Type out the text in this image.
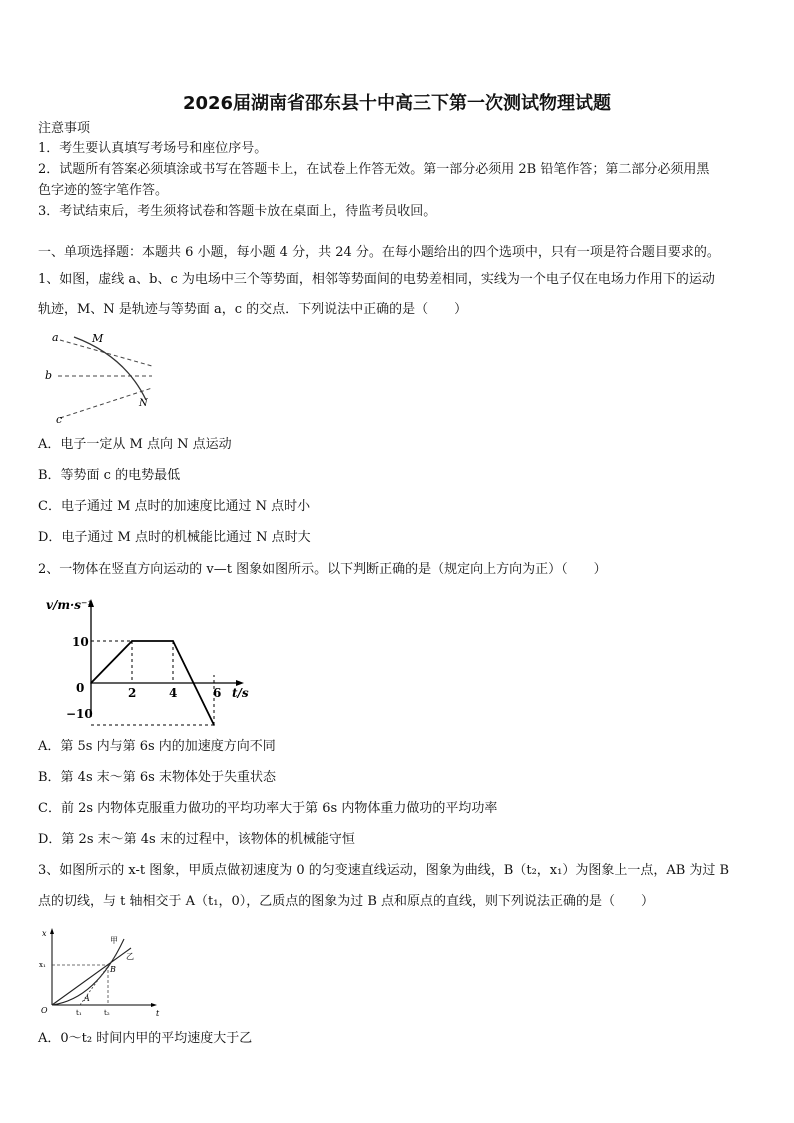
2026届湖南省邵东县十中高三下第一次测试物理试题
注意事项
1．考生要认真填写考场号和座位序号。
2．试题所有答案必须填涂或书写在答题卡上，在试卷上作答无效。第一部分必须用 2B 铅笔作答；第二部分必须用黑
色字迹的签字笔作答。
3．考试结束后，考生须将试卷和答题卡放在桌面上，待监考员收回。
一、单项选择题：本题共 6 小题，每小题 4 分，共 24 分。在每小题给出的四个选项中，只有一项是符合题目要求的。
1、如图，虚线 a、b、c 为电场中三个等势面，相邻等势面间的电势差相同，实线为一个电子仅在电场力作用下的运动
轨迹，M、N 是轨迹与等势面 a，c 的交点．下列说法中正确的是（　　）
a
b
c
M
N
A．电子一定从 M 点向 N 点运动
B．等势面 c 的电势最低
C．电子通过 M 点时的加速度比通过 N 点时小
D．电子通过 M 点时的机械能比通过 N 点时大
2、一物体在竖直方向运动的 v—t 图象如图所示。以下判断正确的是（规定向上方向为正）（　　）
v/m·s⁻¹
t/s
0
10
−10
2	4	6
A．第 5s 内与第 6s 内的加速度方向不同
B．第 4s 末～第 6s 末物体处于失重状态
C．前 2s 内物体克服重力做功的平均功率大于第 6s 内物体重力做功的平均功率
D．第 2s 末～第 4s 末的过程中，该物体的机械能守恒
3、如图所示的 x-t 图象，甲质点做初速度为 0 的匀变速直线运动，图象为曲线，B（t₂，x₁）为图象上一点，AB 为过 B
点的切线，与 t 轴相交于 A（t₁，0），乙质点的图象为过 B 点和原点的直线，则下列说法正确的是（　　）
x
t
O
x₁
t₁	t₂
A
B
甲
乙
A．0～t₂ 时间内甲的平均速度大于乙
